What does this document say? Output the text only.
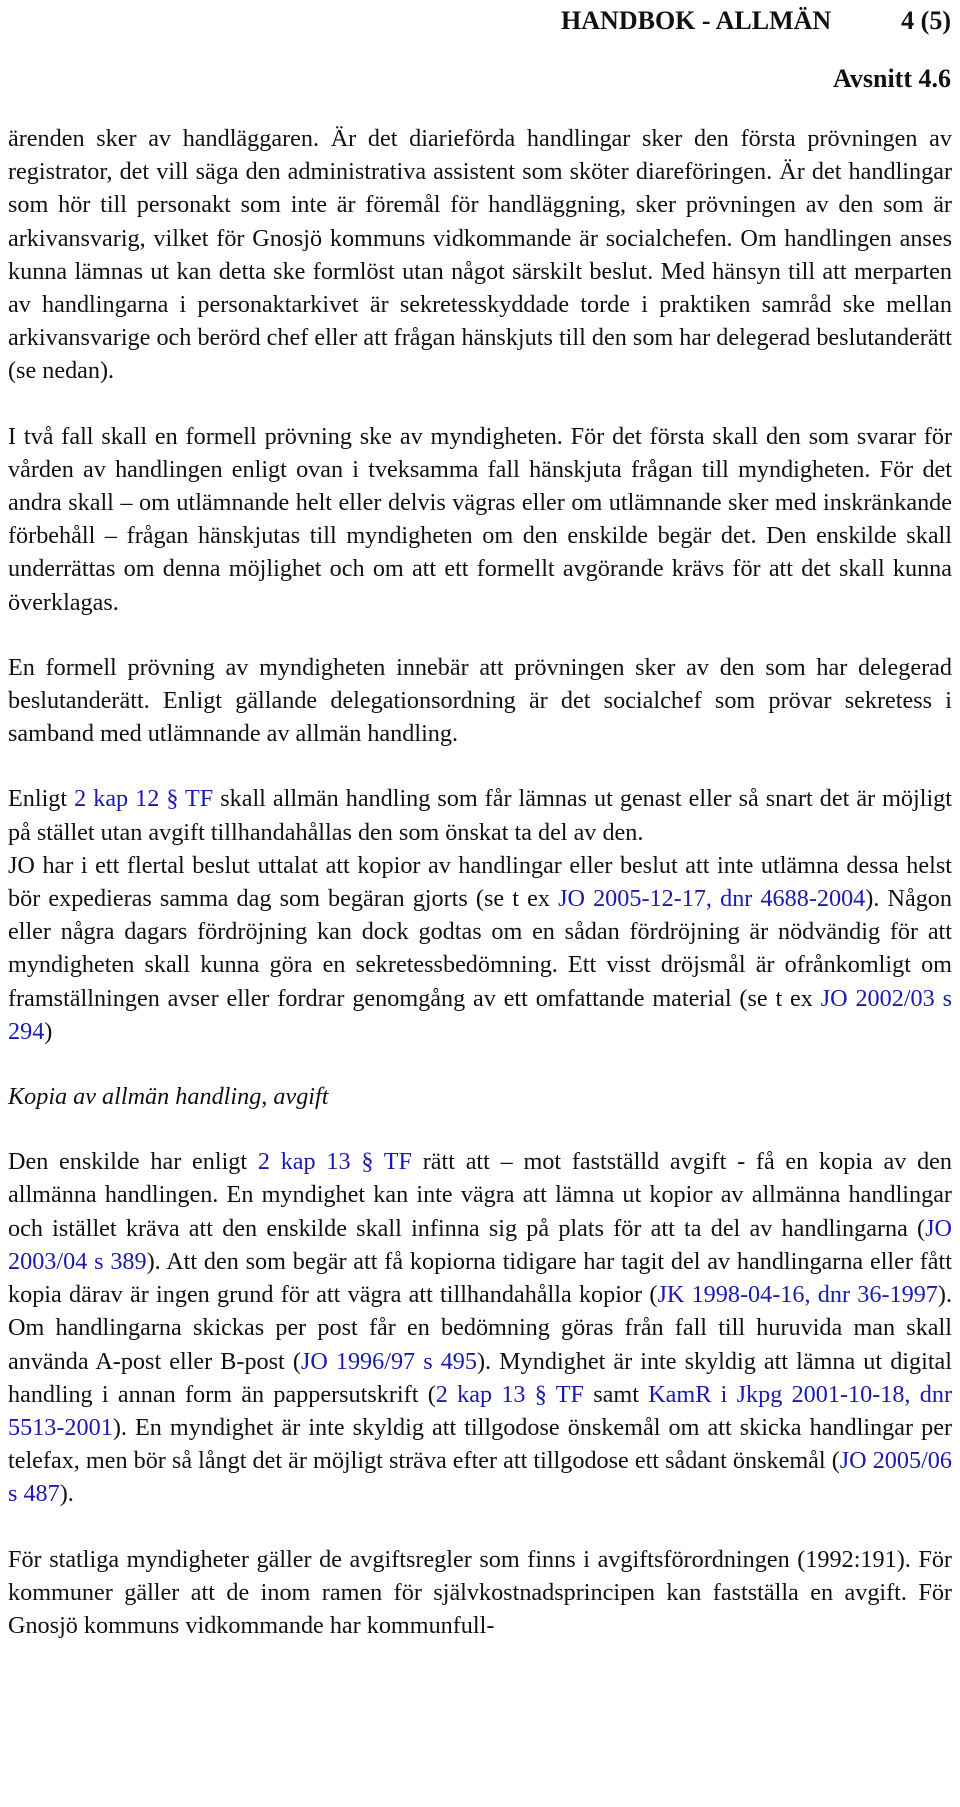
HANDBOK - ALLMÄN	4 (5)
Avsnitt 4.6

ärenden sker av handläggaren. Är det diarieförda handlingar sker den första prövningen av registrator, det vill säga den administrativa assistent som sköter diareföringen. Är det handlingar som hör till personakt som inte är föremål för handläggning, sker prövningen av den som är arkivansvarig, vilket för Gnosjö kommuns vidkommande är socialchefen. Om handlingen anses kunna lämnas ut kan detta ske formlöst utan något särskilt beslut. Med hänsyn till att merparten av handlingarna i personaktarkivet är sekretesskyddade torde i praktiken samråd ske mellan arkivansvarige och berörd chef eller att frågan hänskjuts till den som har delegerad beslutanderätt (se nedan).

I två fall skall en formell prövning ske av myndigheten. För det första skall den som svarar för vården av handlingen enligt ovan i tveksamma fall hänskjuta frågan till myndigheten. För det andra skall – om utlämnande helt eller delvis vägras eller om utlämnande sker med inskränkande förbehåll – frågan hänskjutas till myndigheten om den enskilde begär det. Den enskilde skall underrättas om denna möjlighet och om att ett formellt avgörande krävs för att det skall kunna överklagas.

En formell prövning av myndigheten innebär att prövningen sker av den som har delegerad beslutanderätt. Enligt gällande delegationsordning är det socialchef som prövar sekretess i samband med utlämnande av allmän handling.

Enligt 2 kap 12 § TF skall allmän handling som får lämnas ut genast eller så snart det är möjligt på stället utan avgift tillhandahållas den som önskat ta del av den.

JO har i ett flertal beslut uttalat att kopior av handlingar eller beslut att inte utlämna dessa helst bör expedieras samma dag som begäran gjorts (se t ex JO 2005-12-17, dnr 4688-2004). Någon eller några dagars fördröjning kan dock godtas om en sådan fördröjning är nödvändig för att myndigheten skall kunna göra en sekretessbedömning. Ett visst dröjsmål är ofrånkomligt om framställningen avser eller fordrar genomgång av ett omfattande material (se t ex JO 2002/03 s 294)

Kopia av allmän handling, avgift

Den enskilde har enligt 2 kap 13 § TF rätt att – mot fastställd avgift - få en kopia av den allmänna handlingen. En myndighet kan inte vägra att lämna ut kopior av allmänna handlingar och istället kräva att den enskilde skall infinna sig på plats för att ta del av handlingarna (JO 2003/04 s 389). Att den som begär att få kopiorna tidigare har tagit del av handlingarna eller fått kopia därav är ingen grund för att vägra att tillhandahålla kopior (JK 1998-04-16, dnr 36-1997). Om handlingarna skickas per post får en bedömning göras från fall till huruvida man skall använda A-post eller B-post (JO 1996/97 s 495). Myndighet är inte skyldig att lämna ut digital handling i annan form än pappersutskrift (2 kap 13 § TF samt KamR i Jkpg 2001-10-18, dnr 5513-2001). En myndighet är inte skyldig att tillgodose önskemål om att skicka handlingar per telefax, men bör så långt det är möjligt sträva efter att tillgodose ett sådant önskemål (JO 2005/06 s 487).

För statliga myndigheter gäller de avgiftsregler som finns i avgiftsförordningen (1992:191). För kommuner gäller att de inom ramen för självkostnadsprincipen kan fastställa en avgift. För Gnosjö kommuns vidkommande har kommunfull-
